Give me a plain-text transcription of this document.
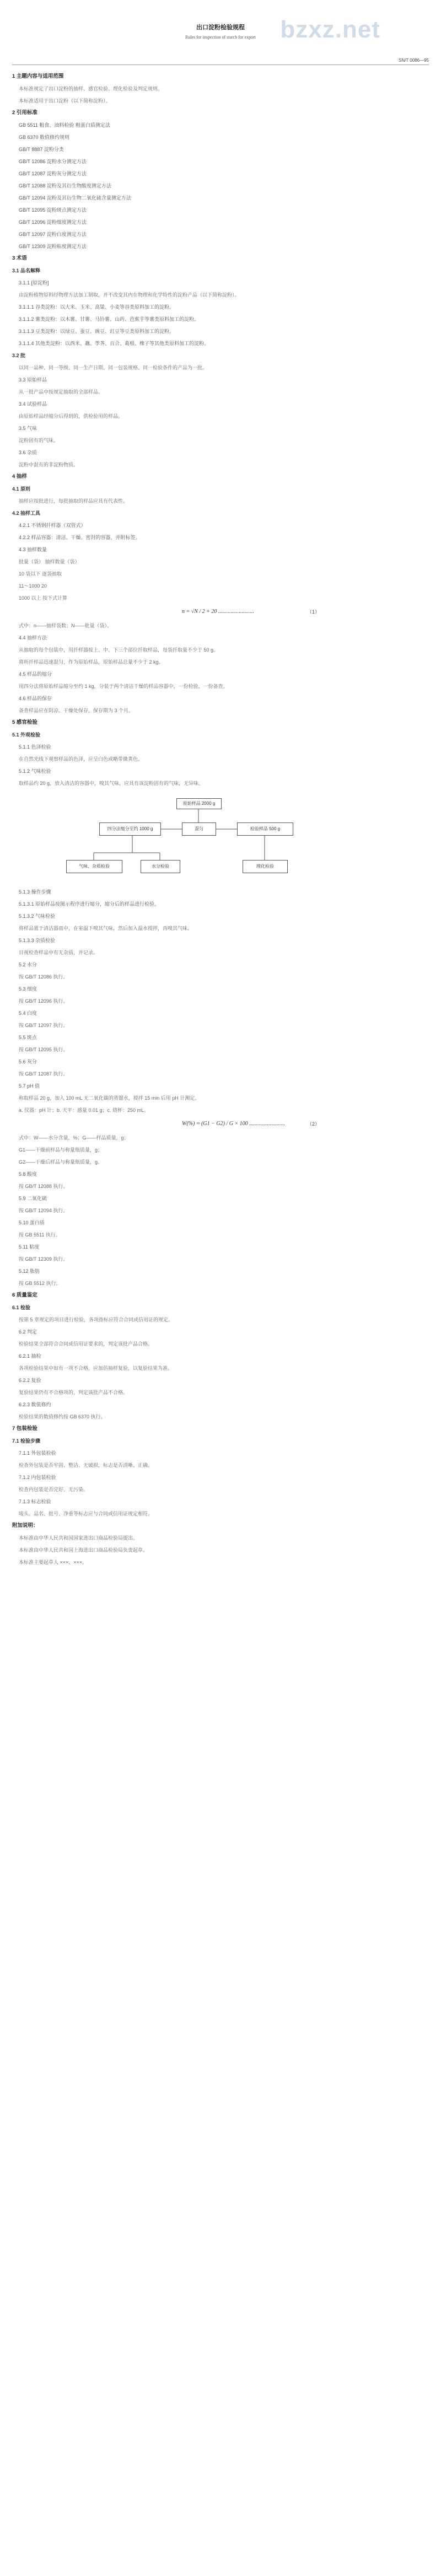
bzxz.net
出口淀粉检验规程
Rules for inspection of starch for export
SN/T 0086—95
1 主题内容与适用范围
本标准规定了出口淀粉的抽样、感官检验、理化检验及判定规则。
本标准适用于出口淀粉（以下简称淀粉）。
2 引用标准
GB 5511 粮食、油料检验 粗蛋白质测定法
GB 6370 数值修约规则
GB/T 8887 淀粉分类
GB/T 12086 淀粉水分测定方法
GB/T 12087 淀粉灰分测定方法
GB/T 12088 淀粉及其衍生物酸度测定方法
GB/T 12094 淀粉及其衍生物二氧化硫含量测定方法
GB/T 12095 淀粉斑点测定方法
GB/T 12096 淀粉细度测定方法
GB/T 12097 淀粉白度测定方法
GB/T 12309 淀粉粘度测定方法
3 术语
3.1 品名解释
3.1.1 [原淀粉]
由淀粉植物原料经物理方法加工制取，并不改变其内在物理和化学特性的淀粉产品（以下简称淀粉）。
3.1.1.1 谷类淀粉：以大米、玉米、高粱、小麦等谷类原料加工的淀粉。
3.1.1.2 薯类淀粉：以木薯、甘薯、马铃薯、山药、芭蕉芋等薯类原料加工的淀粉。
3.1.1.3 豆类淀粉：以绿豆、蚕豆、豌豆、豇豆等豆类原料加工的淀粉。
3.1.1.4 其他类淀粉：以西米、藕、荸荠、百合、葛根、橡子等其他类原料加工的淀粉。
3.2 批
以同一品种、同一等级、同一生产日期、同一包装规格、同一检验条件的产品为一批。
3.3 原始样品
从一批产品中按规定抽取的全部样品。
3.4 试验样品
由原始样品经缩分后得到的，供检验用的样品。
3.5 气味
淀粉固有的气味。
3.6 杂质
淀粉中混有的非淀粉物质。
4 抽样
4.1 原则
抽样应按批进行，每批抽取的样品应具有代表性。
4.2 抽样工具
4.2.1 不锈钢扦样器（双管式）
4.2.2 样品容器：清洁、干燥、密封的容器，并附标签。
4.3 抽样数量
批量（袋） 抽样数量（袋）
10 袋以下 逐袋抽取
11～1000 20
1000 以上 按下式计算
n = √N / 2 + 20 ..........................	（1）
式中：n——抽样袋数；N——批量（袋）。
4.4 抽样方法
从抽取的每个包装中，用扦样器按上、中、下三个部位扦取样品，每袋扦取量不少于 50 g。
将所扦样品迅速混匀，作为原始样品，原始样品总量不少于 2 kg。
4.5 样品的缩分
用四分法将原始样品缩分至约 1 kg，分装于两个清洁干燥的样品容器中，一份检验，一份备查。
4.6 样品的保存
备查样品应在阴凉、干燥处保存，保存期为 3 个月。
5 感官检验
5.1 外观检验
5.1.1 色泽检验
在自然光线下观察样品的色泽，应呈白色或略带微黄色。
5.1.2 气味检验
取样品约 20 g，放入清洁的容器中，嗅其气味，应具有该淀粉固有的气味，无异味。
原始样品 2000 g
四分法缩分至约 1000 g	混匀	检验样品 500 g
气味、杂质检验	水分检验	理化检验
5.1.3 操作步骤
5.1.3.1 原始样品按图示程序进行缩分，缩分后的样品进行检验。
5.1.3.2 气味检验
将样品置于清洁器皿中，在室温下嗅其气味，然后加入温水搅拌，再嗅其气味。
5.1.3.3 杂质检验
目视检查样品中有无杂质，并记录。
5.2 水分
按 GB/T 12086 执行。
5.3 细度
按 GB/T 12096 执行。
5.4 白度
按 GB/T 12097 执行。
5.5 斑点
按 GB/T 12095 执行。
5.6 灰分
按 GB/T 12087 执行。
5.7 pH 值
称取样品 20 g，加入 100 mL 无二氧化碳的蒸馏水，搅拌 15 min 后用 pH 计测定。
a. 仪器：pH 计；b. 天平：感量 0.01 g；c. 烧杯：250 mL。
W(%) = (G1 − G2) / G × 100 ..........................	（2）
式中：W——水分含量，%；G——样品质量，g；
G1——干燥前样品与称量瓶质量，g；
G2——干燥后样品与称量瓶质量，g。
5.8 酸度
按 GB/T 12088 执行。
5.9 二氧化硫
按 GB/T 12094 执行。
5.10 蛋白质
按 GB 5511 执行。
5.11 粘度
按 GB/T 12309 执行。
5.12 脂肪
按 GB 5512 执行。
6 质量鉴定
6.1 检验
按第 5 章规定的项目进行检验，各项指标应符合合同或信用证的规定。
6.2 判定
检验结果全部符合合同或信用证要求的，判定该批产品合格。
6.2.1 抽检
各项检验结果中如有一项不合格，应加倍抽样复验，以复验结果为准。
6.2.2 复验
复验结果仍有不合格项的，判定该批产品不合格。
6.2.3 数值修约
检验结果的数值修约按 GB 6370 执行。
7 包装检验
7.1 检验步骤
7.1.1 外包装检验
检查外包装是否牢固、整洁、无破损，标志是否清晰、正确。
7.1.2 内包装检验
检查内包装是否完好、无污染。
7.1.3 标志检验
唛头、品名、批号、净重等标志应与合同或信用证规定相符。
附加说明：
本标准由中华人民共和国国家进出口商品检验局提出。
本标准由中华人民共和国上海进出口商品检验局负责起草。
本标准主要起草人 ×××、×××。
